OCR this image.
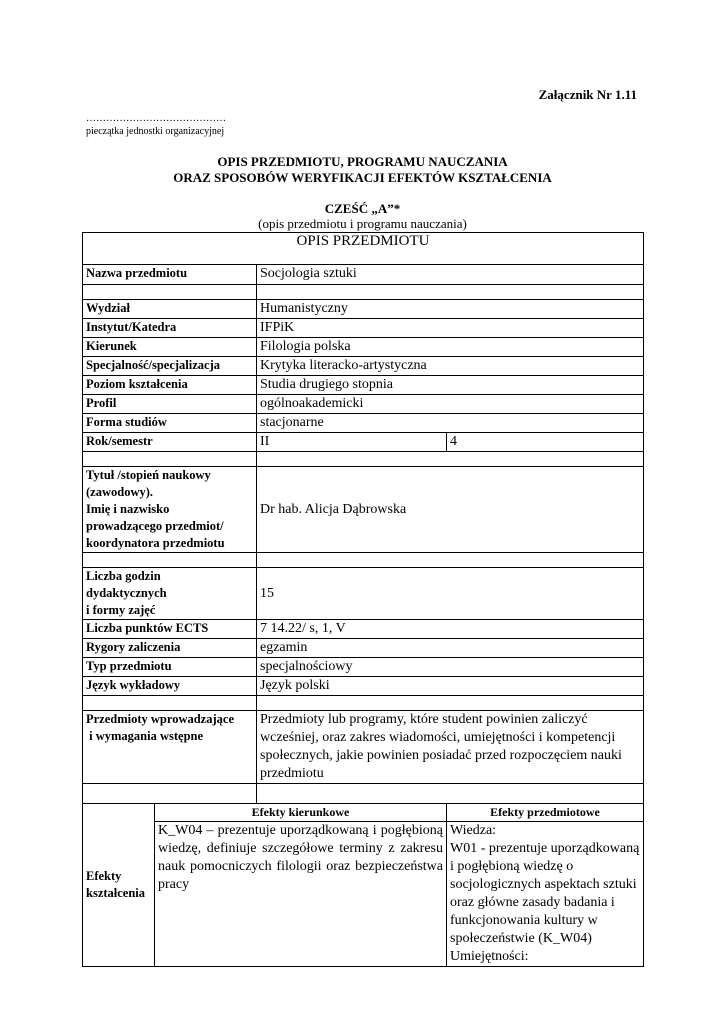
Załącznik Nr 1.11
……………………………………
pieczątka jednostki organizacyjnej
OPIS PRZEDMIOTU, PROGRAMU NAUCZANIA
ORAZ SPOSOBÓW WERYFIKACJI EFEKTÓW KSZTAŁCENIA
CZEŚĆ „A”*
(opis przedmiotu i programu nauczania)
OPIS PRZEDMIOTU			
Nazwa przedmiotu		Socjologia sztuki	

Wydział		Humanistyczny	
Instytut/Katedra		IFPiK	
Kierunek		Filologia polska	
Specjalność/specjalizacja		Krytyka literacko-artystyczna	
Poziom kształcenia		Studia drugiego stopnia	
Profil		ogólnoakademicki	
Forma studiów		stacjonarne	
Rok/semestr		II	4

Tytuł /stopień naukowy
(zawodowy).
Imię i nazwisko
prowadzącego przedmiot/
koordynatora przedmiotu		Dr hab. Alicja Dąbrowska	

Liczba godzin
dydaktycznych
i formy zajęć		15	
Liczba punktów ECTS		7 14.22/ s, 1, V	
Rygory zaliczenia		egzamin	
Typ przedmiotu		specjalnościowy	
Język wykładowy		Język polski	

Przedmioty wprowadzające
i wymagania wstępne		Przedmioty lub programy, które student powinien zaliczyć wcześniej, oraz zakres wiadomości, umiejętności i kompetencji społecznych, jakie powinien posiadać przed rozpoczęciem nauki przedmiotu	

Efekty
kształcenia	Efekty kierunkowe		Efekty przedmiotowe
	K_W04 – prezentuje uporządkowaną i pogłębioną wiedzę, definiuje szczegółowe terminy z zakresu nauk pomocniczych filologii oraz bezpieczeństwa pracy		Wiedza:
W01 - prezentuje uporządkowaną i pogłębioną wiedzę o socjologicznych aspektach sztuki oraz główne zasady badania i funkcjonowania kultury w społeczeństwie (K_W04)
Umiejętności:
